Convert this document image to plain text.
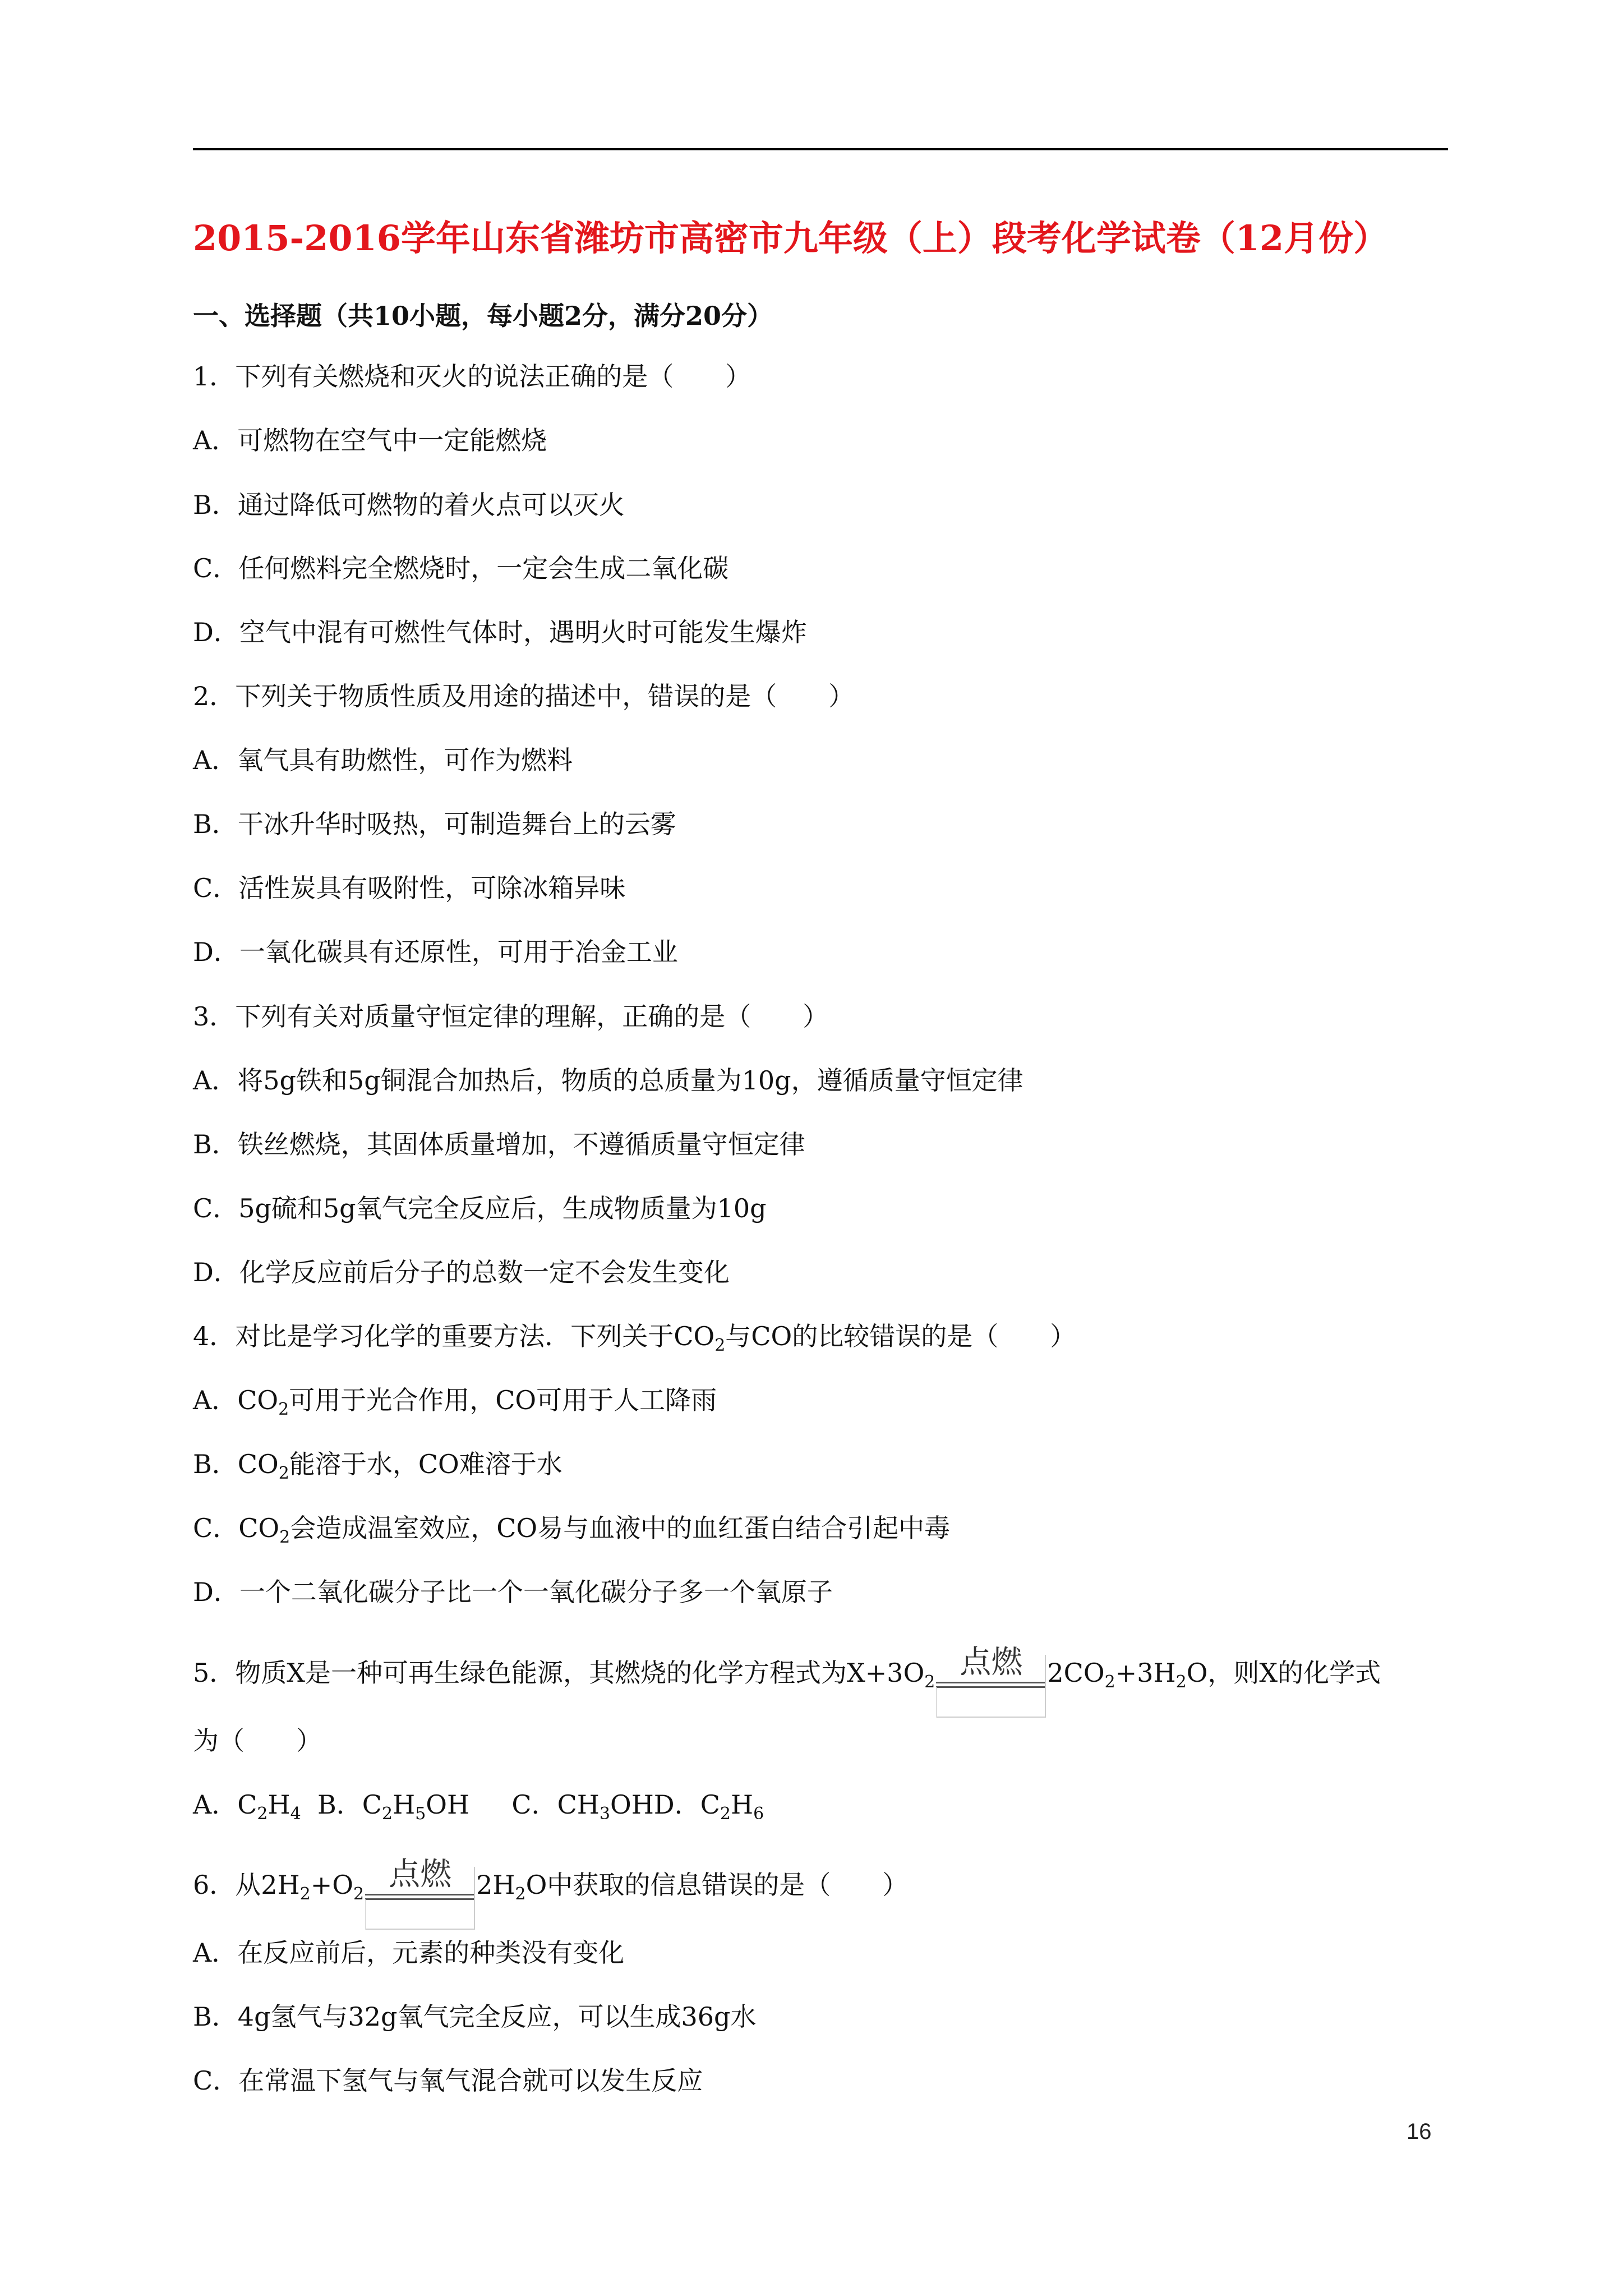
2015-2016学年山东省潍坊市高密市九年级（上）段考化学试卷（12月份）
一、选择题（共10小题，每小题2分，满分20分）
1．下列有关燃烧和灭火的说法正确的是（　　）
A．可燃物在空气中一定能燃烧
B．通过降低可燃物的着火点可以灭火
C．任何燃料完全燃烧时，一定会生成二氧化碳
D．空气中混有可燃性气体时，遇明火时可能发生爆炸
2．下列关于物质性质及用途的描述中，错误的是（　　）
A．氧气具有助燃性，可作为燃料
B．干冰升华时吸热，可制造舞台上的云雾
C．活性炭具有吸附性，可除冰箱异味
D．一氧化碳具有还原性，可用于冶金工业
3．下列有关对质量守恒定律的理解，正确的是（　　）
A．将5g铁和5g铜混合加热后，物质的总质量为10g，遵循质量守恒定律
B．铁丝燃烧，其固体质量增加，不遵循质量守恒定律
C．5g硫和5g氧气完全反应后，生成物质量为10g
D．化学反应前后分子的总数一定不会发生变化
4．对比是学习化学的重要方法．下列关于$CO_2$与CO的比较错误的是（　　）
A．$CO_2$可用于光合作用，CO可用于人工降雨
B．$CO_2$能溶于水，CO难溶于水
C．$CO_2$会造成温室效应，CO易与血液中的血红蛋白结合引起中毒
D．一个二氧化碳分子比一个一氧化碳分子多一个氧原子
5．物质X是一种可再生绿色能源，其燃烧的化学方程式为$X+3O_2$
点燃 $2CO_2+3H_2O$，则X的化学式
为（　　）
A．$C_2H_4$  B．$C_2H_5OH$　  C．$CH_3OHD$．$C_2H_6$
6．从$2H_2+O_2$
点燃 $2H_2O$中获取的信息错误的是（　　）
A．在反应前后，元素的种类没有变化
B．4g氢气与32g氧气完全反应，可以生成36g水
C．在常温下氢气与氧气混合就可以发生反应
16
